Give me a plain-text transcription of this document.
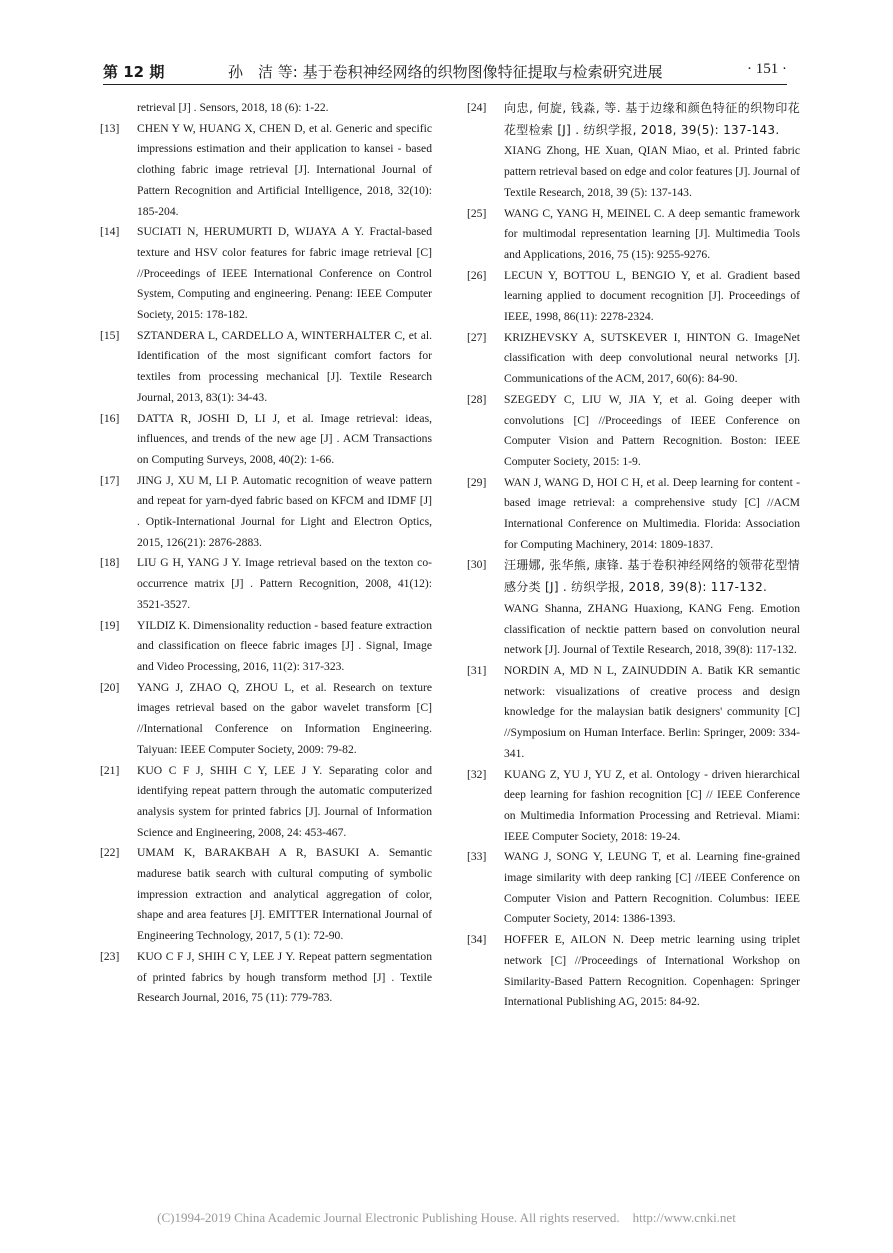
第 12 期	孙　洁 等: 基于卷积神经网络的织物图像特征提取与检索研究进展	· 151 ·
retrieval [J] . Sensors, 2018, 18 (6): 1-22.
[13] CHEN Y W, HUANG X, CHEN D, et al. Generic and specific impressions estimation and their application to kansei - based clothing fabric image retrieval [J]. International Journal of Pattern Recognition and Artificial Intelligence, 2018, 32(10): 185-204.
[14] SUCIATI N, HERUMURTI D, WIJAYA A Y. Fractal-based texture and HSV color features for fabric image retrieval [C] //Proceedings of IEEE International Conference on Control System, Computing and engineering. Penang: IEEE Computer Society, 2015: 178-182.
[15] SZTANDERA L, CARDELLO A, WINTERHALTER C, et al. Identification of the most significant comfort factors for textiles from processing mechanical [J]. Textile Research Journal, 2013, 83(1): 34-43.
[16] DATTA R, JOSHI D, LI J, et al. Image retrieval: ideas, influences, and trends of the new age [J] . ACM Transactions on Computing Surveys, 2008, 40(2): 1-66.
[17] JING J, XU M, LI P. Automatic recognition of weave pattern and repeat for yarn-dyed fabric based on KFCM and IDMF [J] . Optik-International Journal for Light and Electron Optics, 2015, 126(21): 2876-2883.
[18] LIU G H, YANG J Y. Image retrieval based on the texton co-occurrence matrix [J] . Pattern Recognition, 2008, 41(12): 3521-3527.
[19] YILDIZ K. Dimensionality reduction - based feature extraction and classification on fleece fabric images [J] . Signal, Image and Video Processing, 2016, 11(2): 317-323.
[20] YANG J, ZHAO Q, ZHOU L, et al. Research on texture images retrieval based on the gabor wavelet transform [C] //International Conference on Information Engineering. Taiyuan: IEEE Computer Society, 2009: 79-82.
[21] KUO C F J, SHIH C Y, LEE J Y. Separating color and identifying repeat pattern through the automatic computerized analysis system for printed fabrics [J]. Journal of Information Science and Engineering, 2008, 24: 453-467.
[22] UMAM K, BARAKBAH A R, BASUKI A. Semantic madurese batik search with cultural computing of symbolic impression extraction and analytical aggregation of color, shape and area features [J]. EMITTER International Journal of Engineering Technology, 2017, 5 (1): 72-90.
[23] KUO C F J, SHIH C Y, LEE J Y. Repeat pattern segmentation of printed fabrics by hough transform method [J] . Textile Research Journal, 2016, 75 (11): 779-783.
[24] 向忠, 何旋, 钱淼, 等. 基于边缘和颜色特征的织物印花花型检索 [J] . 纺织学报, 2018, 39(5): 137-143.
XIANG Zhong, HE Xuan, QIAN Miao, et al. Printed fabric pattern retrieval based on edge and color features [J]. Journal of Textile Research, 2018, 39 (5): 137-143.
[25] WANG C, YANG H, MEINEL C. A deep semantic framework for multimodal representation learning [J]. Multimedia Tools and Applications, 2016, 75 (15): 9255-9276.
[26] LECUN Y, BOTTOU L, BENGIO Y, et al. Gradient based learning applied to document recognition [J]. Proceedings of IEEE, 1998, 86(11): 2278-2324.
[27] KRIZHEVSKY A, SUTSKEVER I, HINTON G. ImageNet classification with deep convolutional neural networks [J]. Communications of the ACM, 2017, 60(6): 84-90.
[28] SZEGEDY C, LIU W, JIA Y, et al. Going deeper with convolutions [C] //Proceedings of IEEE Conference on Computer Vision and Pattern Recognition. Boston: IEEE Computer Society, 2015: 1-9.
[29] WAN J, WANG D, HOI C H, et al. Deep learning for content - based image retrieval: a comprehensive study [C] //ACM International Conference on Multimedia. Florida: Association for Computing Machinery, 2014: 1809-1837.
[30] 汪珊娜, 张华熊, 康锋. 基于卷积神经网络的领带花型情感分类 [J] . 纺织学报, 2018, 39(8): 117-132.
WANG Shanna, ZHANG Huaxiong, KANG Feng. Emotion classification of necktie pattern based on convolution neural network [J]. Journal of Textile Research, 2018, 39(8): 117-132.
[31] NORDIN A, MD N L, ZAINUDDIN A. Batik KR semantic network: visualizations of creative process and design knowledge for the malaysian batik designers' community [C] //Symposium on Human Interface. Berlin: Springer, 2009: 334-341.
[32] KUANG Z, YU J, YU Z, et al. Ontology - driven hierarchical deep learning for fashion recognition [C] // IEEE Conference on Multimedia Information Processing and Retrieval. Miami: IEEE Computer Society, 2018: 19-24.
[33] WANG J, SONG Y, LEUNG T, et al. Learning fine-grained image similarity with deep ranking [C] //IEEE Conference on Computer Vision and Pattern Recognition. Columbus: IEEE Computer Society, 2014: 1386-1393.
[34] HOFFER E, AILON N. Deep metric learning using triplet network [C] //Proceedings of International Workshop on Similarity-Based Pattern Recognition. Copenhagen: Springer International Publishing AG, 2015: 84-92.
(C)1994-2019 China Academic Journal Electronic Publishing House. All rights reserved. http://www.cnki.net
